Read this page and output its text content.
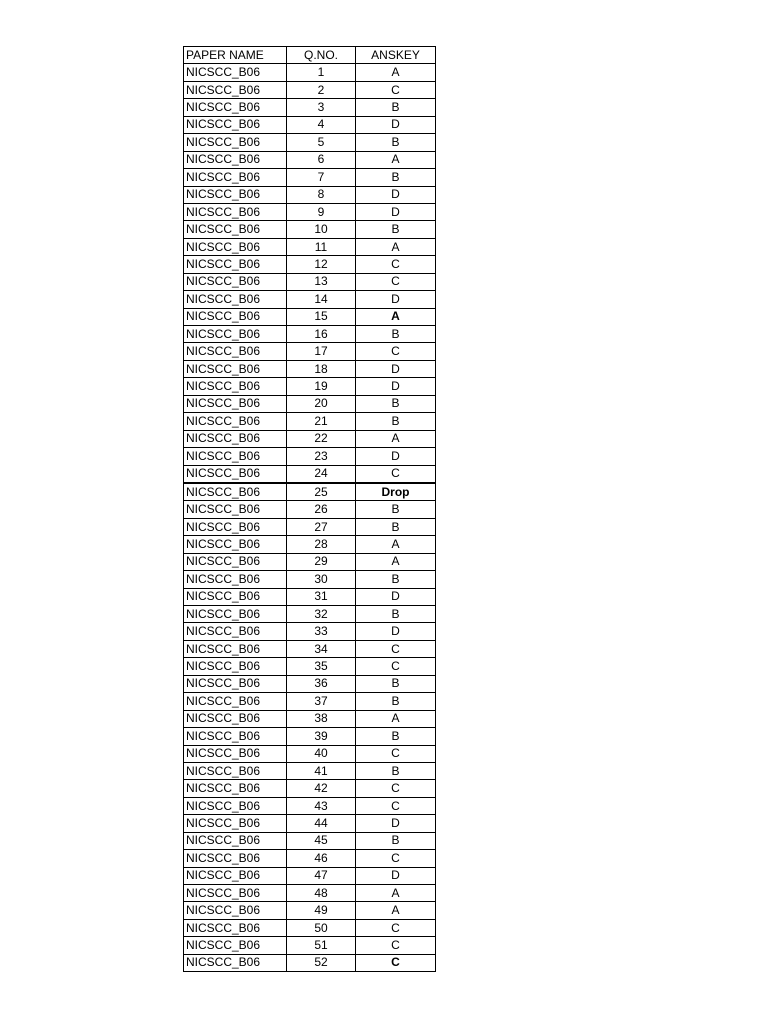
PAPER NAME	Q.NO.	ANSKEY
NICSCC_B06	1	A
NICSCC_B06	2	C
NICSCC_B06	3	B
NICSCC_B06	4	D
NICSCC_B06	5	B
NICSCC_B06	6	A
NICSCC_B06	7	B
NICSCC_B06	8	D
NICSCC_B06	9	D
NICSCC_B06	10	B
NICSCC_B06	11	A
NICSCC_B06	12	C
NICSCC_B06	13	C
NICSCC_B06	14	D
NICSCC_B06	15	A
NICSCC_B06	16	B
NICSCC_B06	17	C
NICSCC_B06	18	D
NICSCC_B06	19	D
NICSCC_B06	20	B
NICSCC_B06	21	B
NICSCC_B06	22	A
NICSCC_B06	23	D
NICSCC_B06	24	C
NICSCC_B06	25	Drop
NICSCC_B06	26	B
NICSCC_B06	27	B
NICSCC_B06	28	A
NICSCC_B06	29	A
NICSCC_B06	30	B
NICSCC_B06	31	D
NICSCC_B06	32	B
NICSCC_B06	33	D
NICSCC_B06	34	C
NICSCC_B06	35	C
NICSCC_B06	36	B
NICSCC_B06	37	B
NICSCC_B06	38	A
NICSCC_B06	39	B
NICSCC_B06	40	C
NICSCC_B06	41	B
NICSCC_B06	42	C
NICSCC_B06	43	C
NICSCC_B06	44	D
NICSCC_B06	45	B
NICSCC_B06	46	C
NICSCC_B06	47	D
NICSCC_B06	48	A
NICSCC_B06	49	A
NICSCC_B06	50	C
NICSCC_B06	51	C
NICSCC_B06	52	C
